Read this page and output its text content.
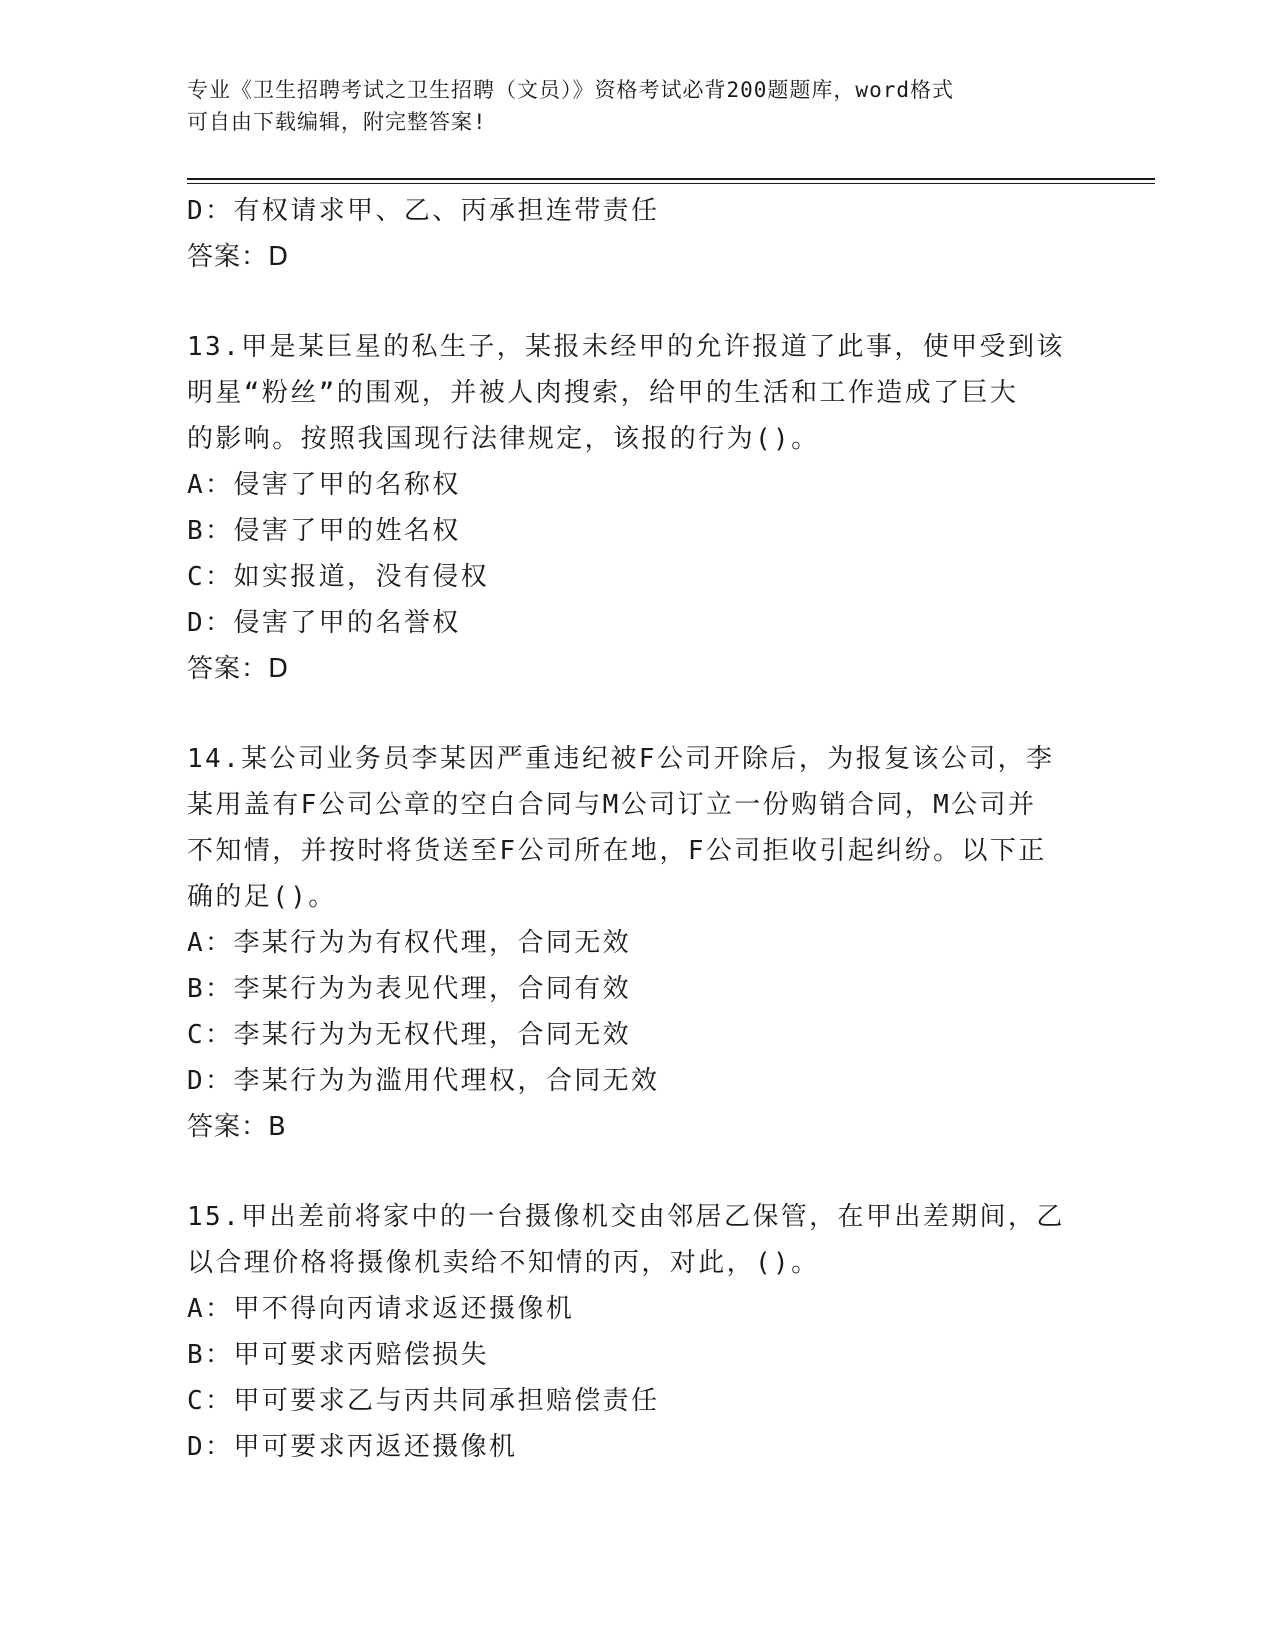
专业《卫生招聘考试之卫生招聘（文员）》资格考试必背200题题库，word格式
可自由下载编辑，附完整答案!
D：有权请求甲、乙、丙承担连带责任
答案：D
13.甲是某巨星的私生子，某报未经甲的允许报道了此事，使甲受到该
明星“粉丝”的围观，并被人肉搜索，给甲的生活和工作造成了巨大
的影响。按照我国现行法律规定，该报的行为()。
A：侵害了甲的名称权
B：侵害了甲的姓名权
C：如实报道，没有侵权
D：侵害了甲的名誉权
答案：D
14.某公司业务员李某因严重违纪被F公司开除后，为报复该公司，李
某用盖有F公司公章的空白合同与M公司订立一份购销合同，M公司并
不知情，并按时将货送至F公司所在地，F公司拒收引起纠纷。以下正
确的足()。
A：李某行为为有权代理，合同无效
B：李某行为为表见代理，合同有效
C：李某行为为无权代理，合同无效
D：李某行为为滥用代理权，合同无效
答案：B
15.甲出差前将家中的一台摄像机交由邻居乙保管，在甲出差期间，乙
以合理价格将摄像机卖给不知情的丙，对此，()。
A：甲不得向丙请求返还摄像机
B：甲可要求丙赔偿损失
C：甲可要求乙与丙共同承担赔偿责任
D：甲可要求丙返还摄像机
